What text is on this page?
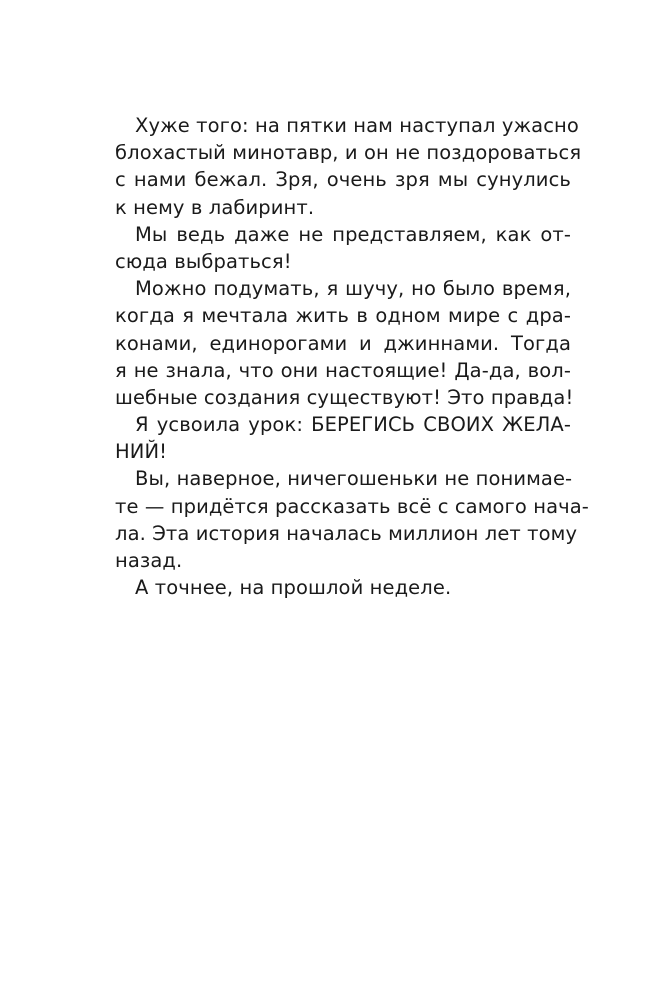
Хуже того: на пятки нам наступал ужасно
блохастый минотавр, и он не поздороваться
с нами бежал. Зря, очень зря мы сунулись
к нему в лабиринт.

Мы ведь даже не представляем, как от-
сюда выбраться!

Можно подумать, я шучу, но было время,
когда я мечтала жить в одном мире с дра-
конами, единорогами и джиннами. Тогда
я не знала, что они настоящие! Да-да, вол-
шебные создания существуют! Это правда!

Я усвоила урок: БЕРЕГИСЬ СВОИХ ЖЕЛА-
НИЙ!

Вы, наверное, ничегошеньки не понимае-
те — придётся рассказать всё с самого нача-
ла. Эта история началась миллион лет тому
назад.

А точнее, на прошлой неделе.
